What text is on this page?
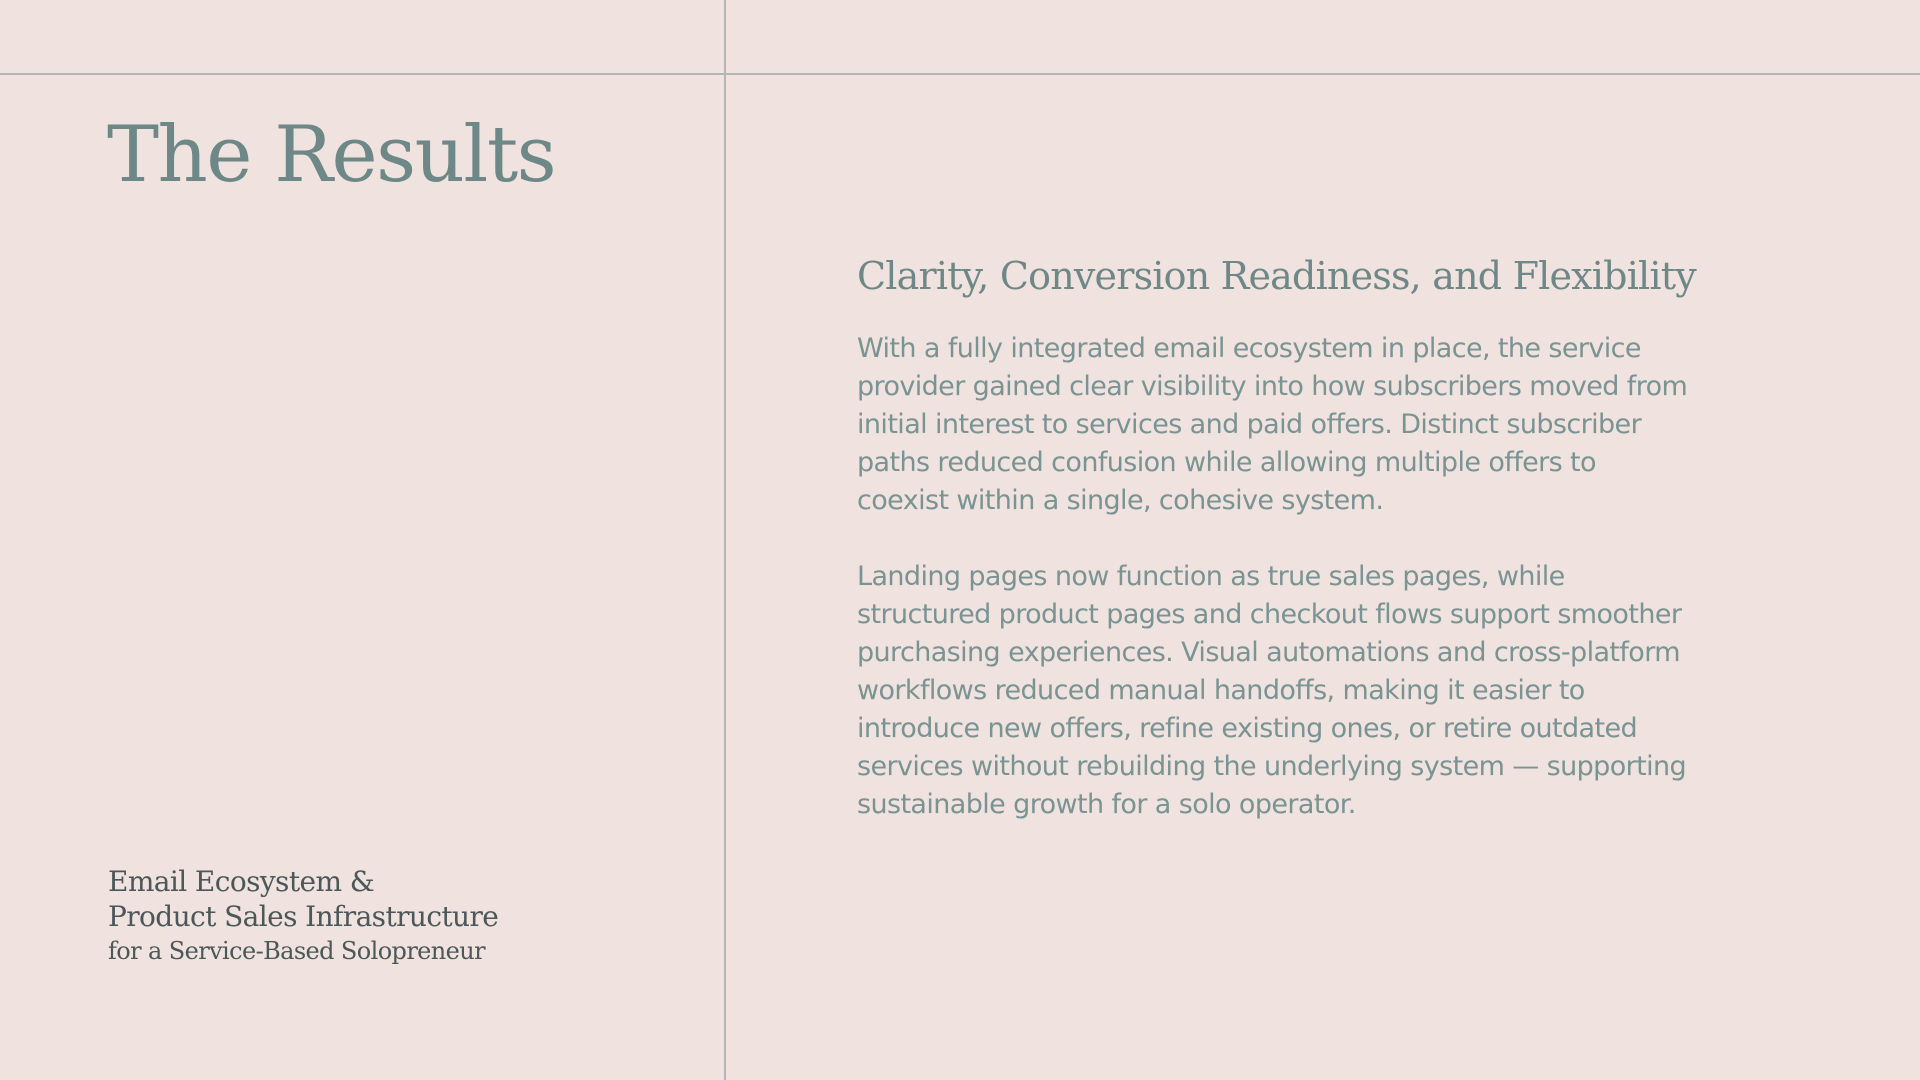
The Results
Email Ecosystem &
Product Sales Infrastructure
for a Service-Based Solopreneur
Clarity, Conversion Readiness, and Flexibility

With a fully integrated email ecosystem in place, the service
provider gained clear visibility into how subscribers moved from
initial interest to services and paid offers. Distinct subscriber
paths reduced confusion while allowing multiple offers to
coexist within a single, cohesive system.

Landing pages now function as true sales pages, while
structured product pages and checkout flows support smoother
purchasing experiences. Visual automations and cross-platform
workflows reduced manual handoffs, making it easier to
introduce new offers, refine existing ones, or retire outdated
services without rebuilding the underlying system — supporting
sustainable growth for a solo operator.
